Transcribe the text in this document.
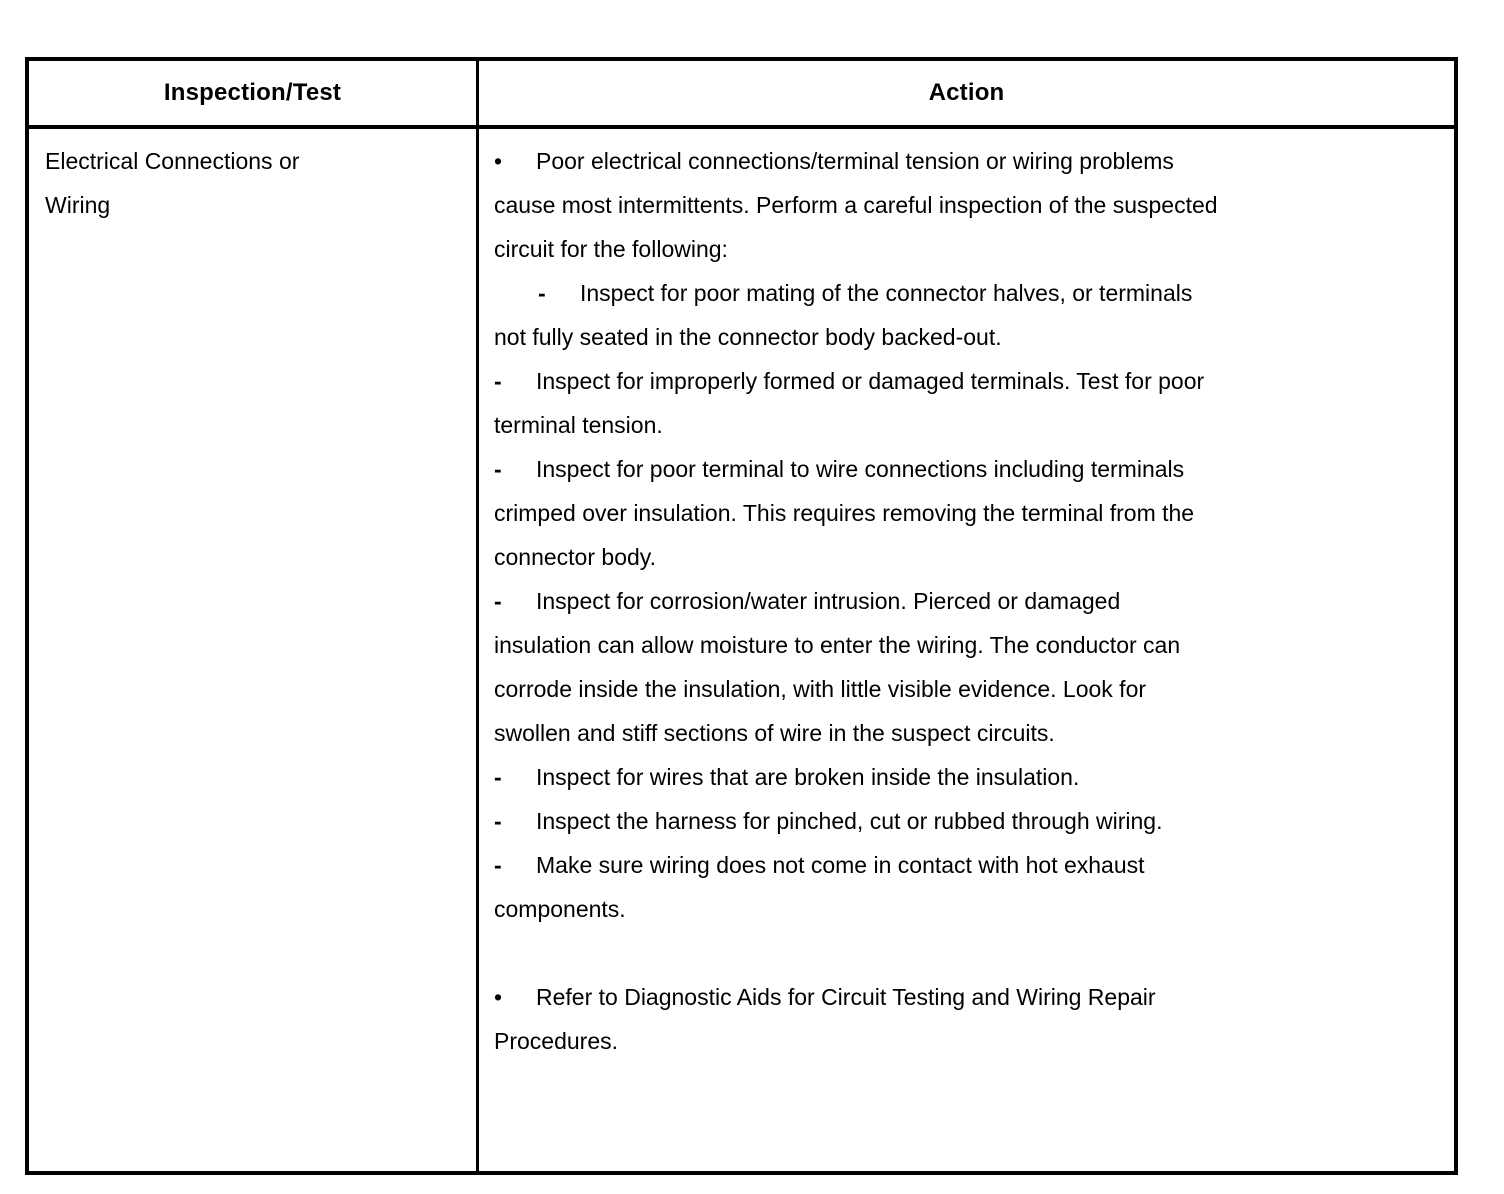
Inspection/Test	Action
Electrical Connections or
Wiring
• Poor electrical connections/terminal tension or wiring problems
cause most intermittents. Perform a careful inspection of the suspected
circuit for the following:
- Inspect for poor mating of the connector halves, or terminals
not fully seated in the connector body backed-out.
- Inspect for improperly formed or damaged terminals. Test for poor
terminal tension.
- Inspect for poor terminal to wire connections including terminals
crimped over insulation. This requires removing the terminal from the
connector body.
- Inspect for corrosion/water intrusion. Pierced or damaged
insulation can allow moisture to enter the wiring. The conductor can
corrode inside the insulation, with little visible evidence. Look for
swollen and stiff sections of wire in the suspect circuits.
- Inspect for wires that are broken inside the insulation.
- Inspect the harness for pinched, cut or rubbed through wiring.
- Make sure wiring does not come in contact with hot exhaust
components.
• Refer to Diagnostic Aids for Circuit Testing and Wiring Repair
Procedures.
